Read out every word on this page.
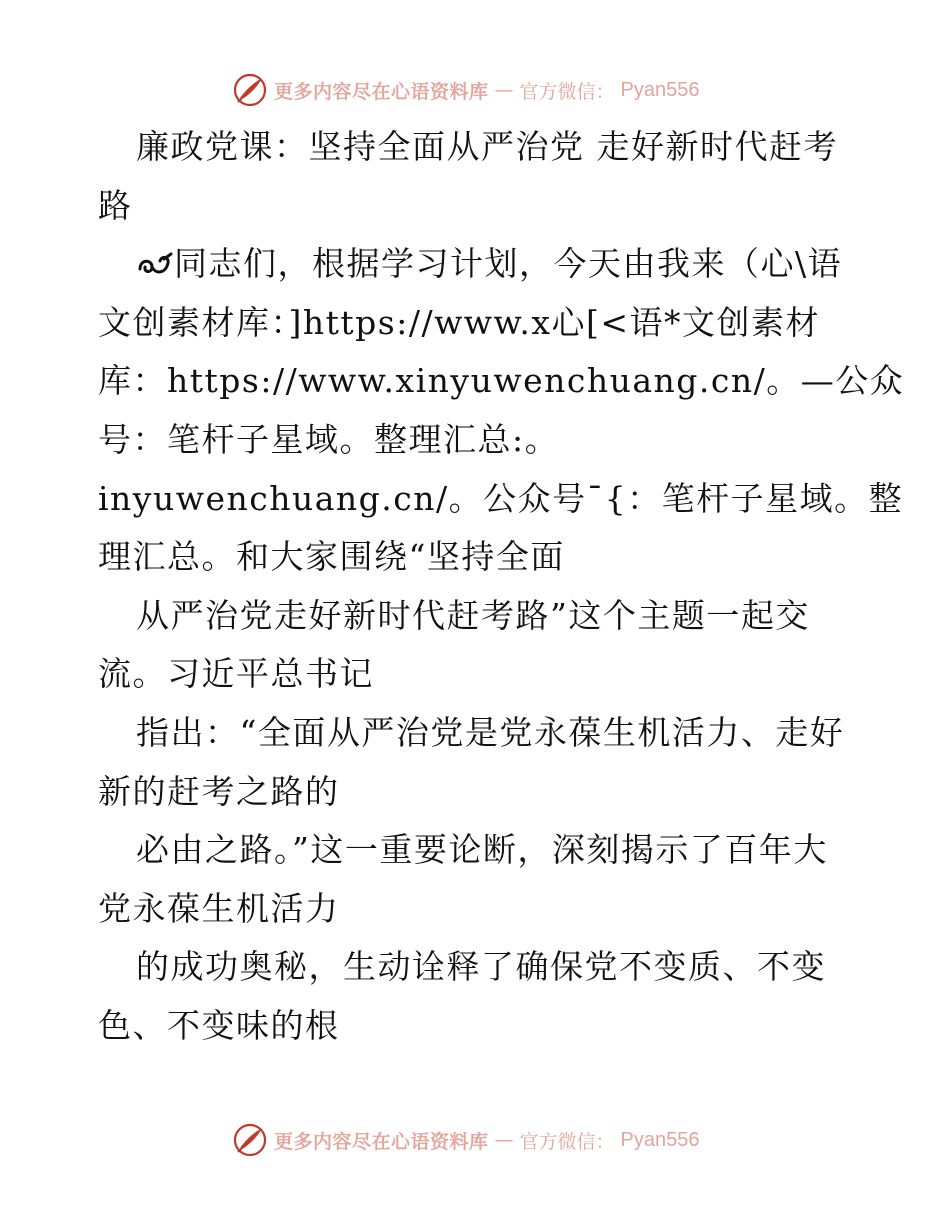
更多内容尽在心语资料库 — 官方微信： Pyan556
廉政党课：坚持全面从严治党 走好新时代赶考
路
同志们，根据学习计划，今天由我来（心\语
文创素材库：]https://www.x心[<语*文创素材
库：https://www.xinyuwenchuang.cn/。—公众
号：笔杆子星域。整理汇总:。
inyuwenchuang.cn/。公众号¯{：笔杆子星域。整
理汇总。和大家围绕“坚持全面
从严治党走好新时代赶考路”这个主题一起交
流。习近平总书记
指出：“全面从严治党是党永葆生机活力、走好
新的赶考之路的
必由之路。”这一重要论断，深刻揭示了百年大
党永葆生机活力
的成功奥秘，生动诠释了确保党不变质、不变
色、不变味的根
更多内容尽在心语资料库 — 官方微信： Pyan556
